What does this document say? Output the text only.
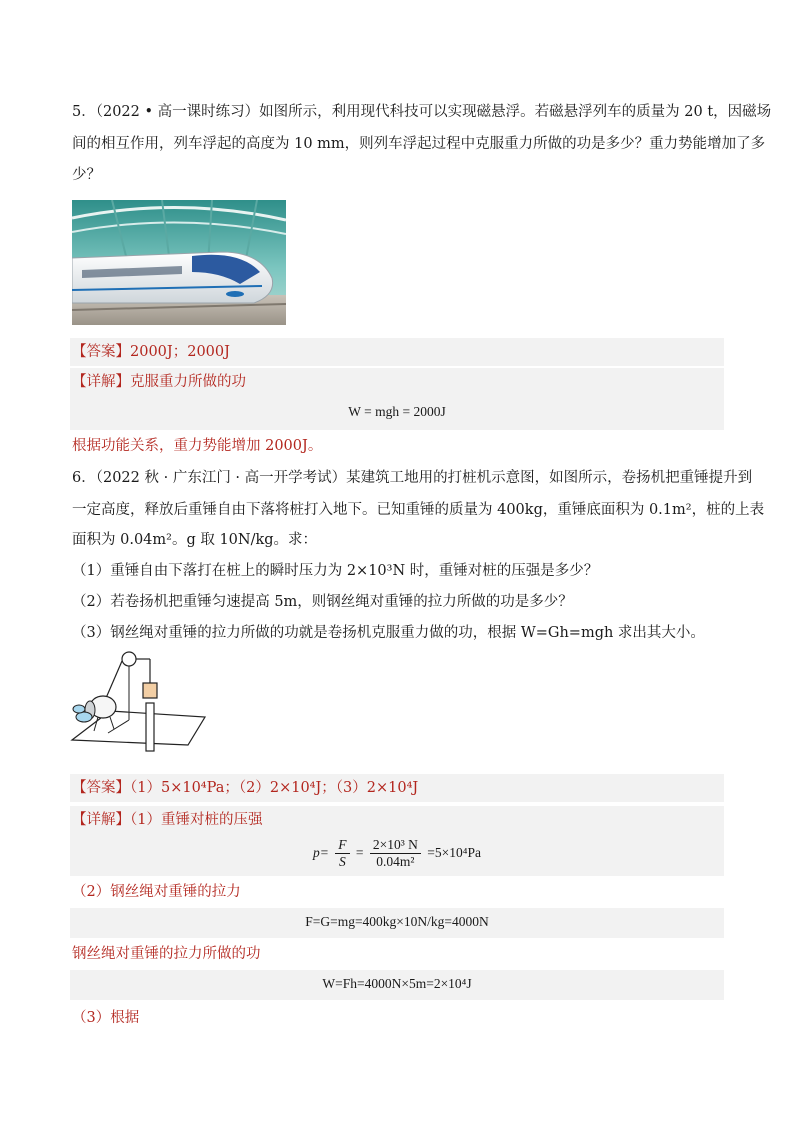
5．（2022 • 高一课时练习）如图所示，利用现代科技可以实现磁悬浮。若磁悬浮列车的质量为 20 t，因磁场
间的相互作用，列车浮起的高度为 10 mm，则列车浮起过程中克服重力所做的功是多少？重力势能增加了多
少？
【答案】2000J；2000J
【详解】克服重力所做的功
W = mgh = 2000J
根据功能关系，重力势能增加 2000J。
6．（2022 秋 · 广东江门 · 高一开学考试）某建筑工地用的打桩机示意图，如图所示，卷扬机把重锤提升到
一定高度，释放后重锤自由下落将桩打入地下。已知重锤的质量为 400kg，重锤底面积为 0.1m²，桩的上表
面积为 0.04m²。g 取 10N/kg。求：
（1）重锤自由下落打在桩上的瞬时压力为 2×10³N 时，重锤对桩的压强是多少？
（2）若卷扬机把重锤匀速提高 5m，则钢丝绳对重锤的拉力所做的功是多少？
（3）钢丝绳对重锤的拉力所做的功就是卷扬机克服重力做的功，根据 W=Gh=mgh 求出其大小。
【答案】（1）5×10⁴Pa；（2）2×10⁴J；（3）2×10⁴J
【详解】（1）重锤对桩的压强
$p= \frac{F}{S} = \frac{\text{2×10³ N}}{\text{0.04m²}} =5\times 10^4Pa$
（2）钢丝绳对重锤的拉力
F=G=mg=400kg×10N/kg=4000N
钢丝绳对重锤的拉力所做的功
W=Fh=4000N×5m=2×10⁴J
（3）根据
